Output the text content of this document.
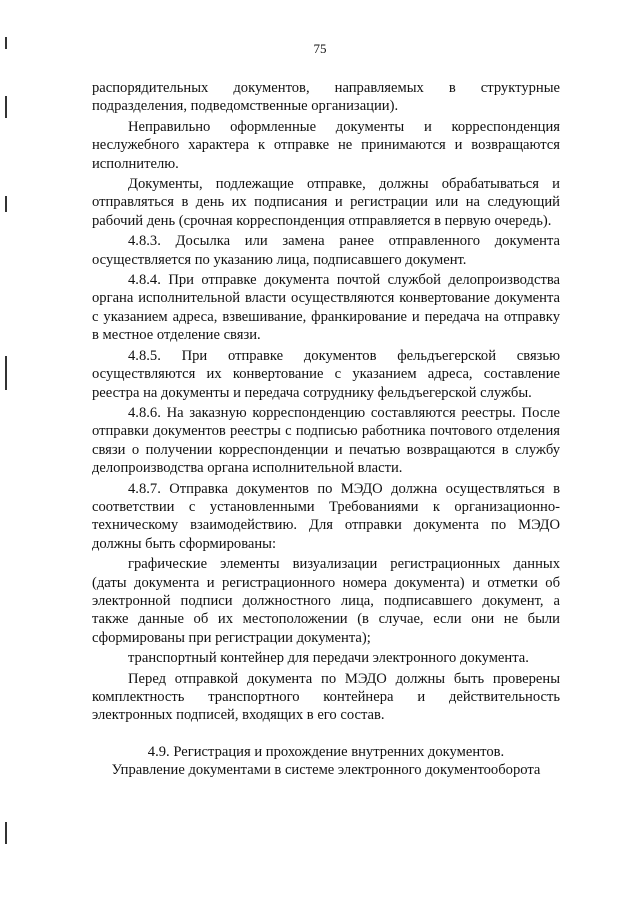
75

распорядительных документов, направляемых в структурные подразделения, подведомственные организации).

Неправильно оформленные документы и корреспонденция неслужебного характера к отправке не принимаются и возвращаются исполнителю.

Документы, подлежащие отправке, должны обрабатываться и отправляться в день их подписания и регистрации или на следующий рабочий день (срочная корреспонденция отправляется в первую очередь).

4.8.3. Досылка или замена ранее отправленного документа осуществляется по указанию лица, подписавшего документ.

4.8.4. При отправке документа почтой службой делопроизводства органа исполнительной власти осуществляются конвертование документа с указанием адреса, взвешивание, франкирование и передача на отправку в местное отделение связи.

4.8.5. При отправке документов фельдъегерской связью осуществляются их конвертование с указанием адреса, составление реестра на документы и передача сотруднику фельдъегерской службы.

4.8.6. На заказную корреспонденцию составляются реестры. После отправки документов реестры с подписью работника почтового отделения связи о получении корреспонденции и печатью возвращаются в службу делопроизводства органа исполнительной власти.

4.8.7. Отправка документов по МЭДО должна осуществляться в соответствии с установленными Требованиями к организационно-техническому взаимодействию. Для отправки документа по МЭДО должны быть сформированы:

графические элементы визуализации регистрационных данных (даты документа и регистрационного номера документа) и отметки об электронной подписи должностного лица, подписавшего документ, а также данные об их местоположении (в случае, если они не были сформированы при регистрации документа);

транспортный контейнер для передачи электронного документа.

Перед отправкой документа по МЭДО должны быть проверены комплектность транспортного контейнера и действительность электронных подписей, входящих в его состав.

4.9. Регистрация и прохождение внутренних документов.

Управление документами в системе электронного документооборота
